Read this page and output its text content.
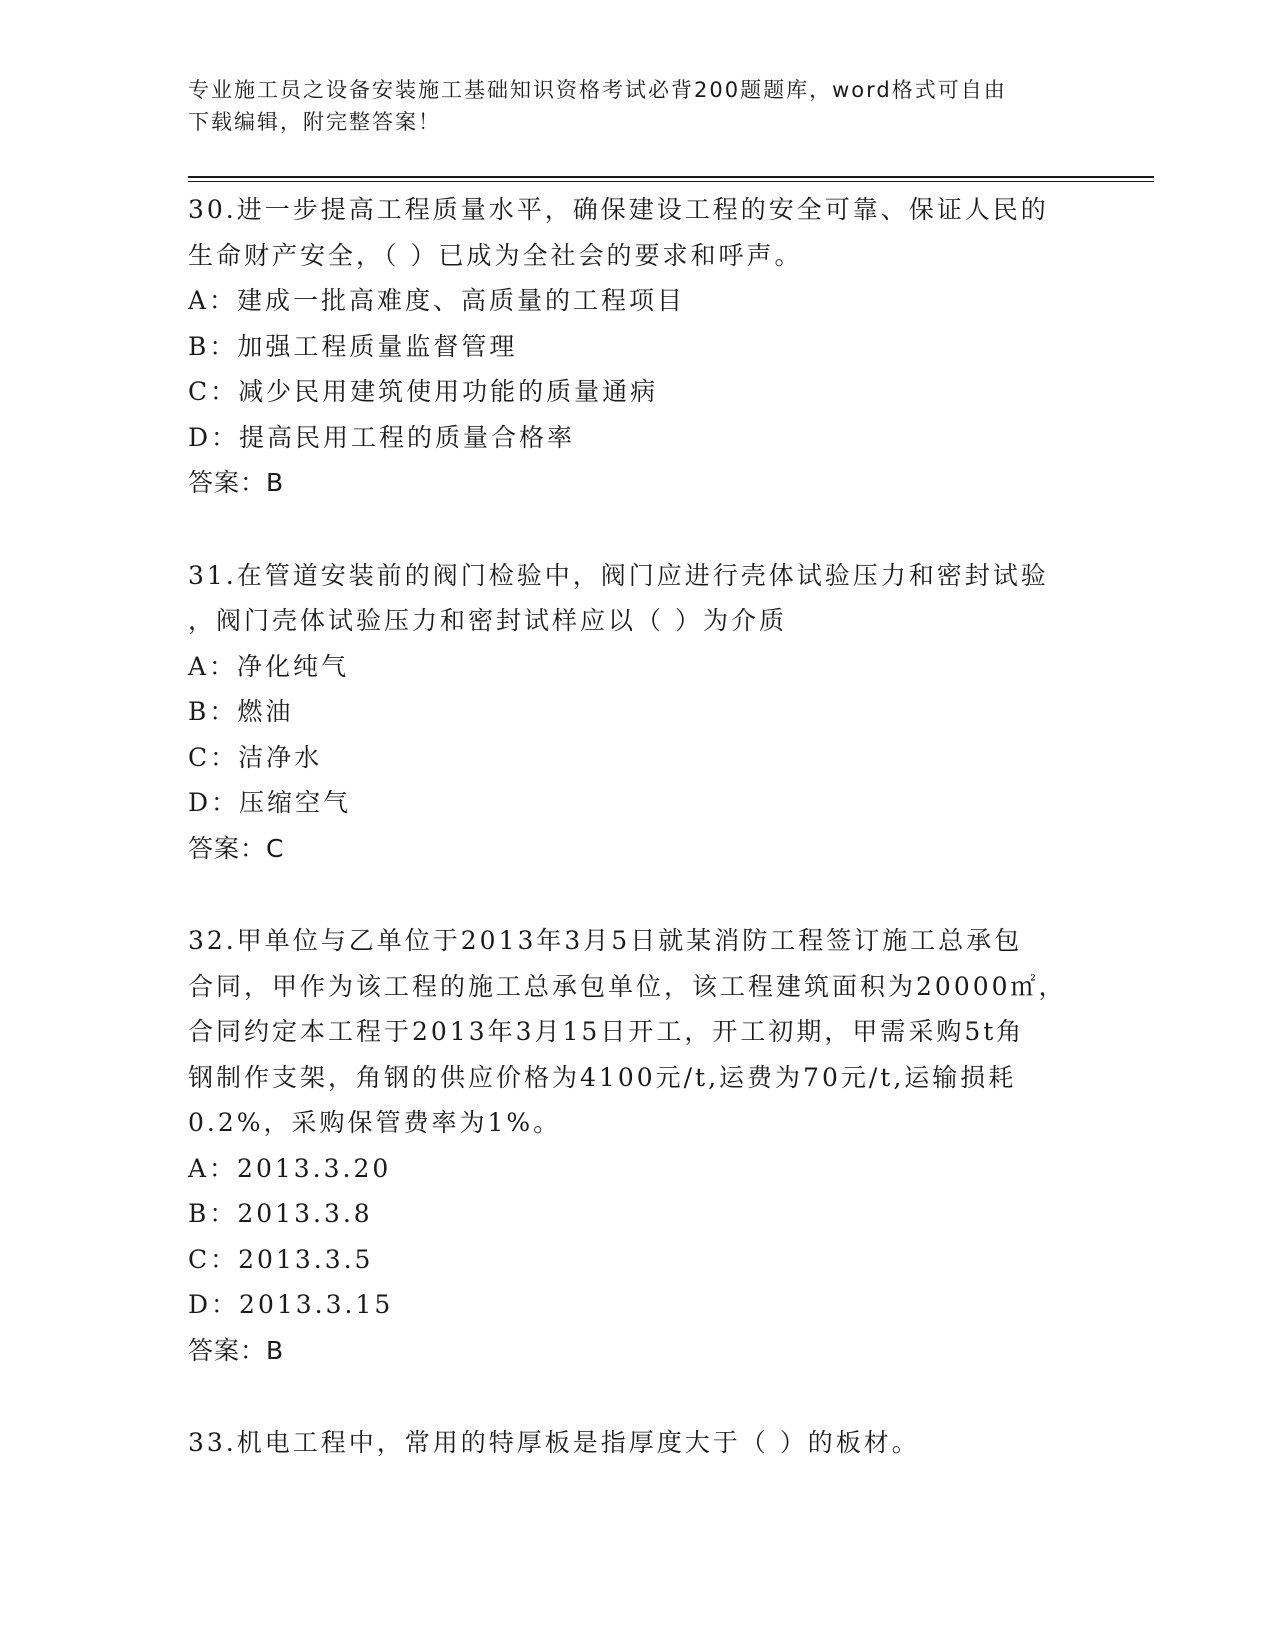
专业施工员之设备安装施工基础知识资格考试必背200题题库，word格式可自由
下载编辑，附完整答案！
30.进一步提高工程质量水平，确保建设工程的安全可靠、保证人民的
生命财产安全，（ ）已成为全社会的要求和呼声。
A：建成一批高难度、高质量的工程项目
B：加强工程质量监督管理
C：减少民用建筑使用功能的质量通病
D：提高民用工程的质量合格率
答案：B
31.在管道安装前的阀门检验中，阀门应进行壳体试验压力和密封试验
，阀门壳体试验压力和密封试样应以（ ）为介质
A：净化纯气
B：燃油
C：洁净水
D：压缩空气
答案：C
32.甲单位与乙单位于2013年3月5日就某消防工程签订施工总承包
合同，甲作为该工程的施工总承包单位，该工程建筑面积为20000㎡，
合同约定本工程于2013年3月15日开工，开工初期，甲需采购5t角
钢制作支架，角钢的供应价格为4100元/t,运费为70元/t,运输损耗
0.2%，采购保管费率为1%。
A：2013.3.20
B：2013.3.8
C：2013.3.5
D：2013.3.15
答案：B
33.机电工程中，常用的特厚板是指厚度大于（ ）的板材。
